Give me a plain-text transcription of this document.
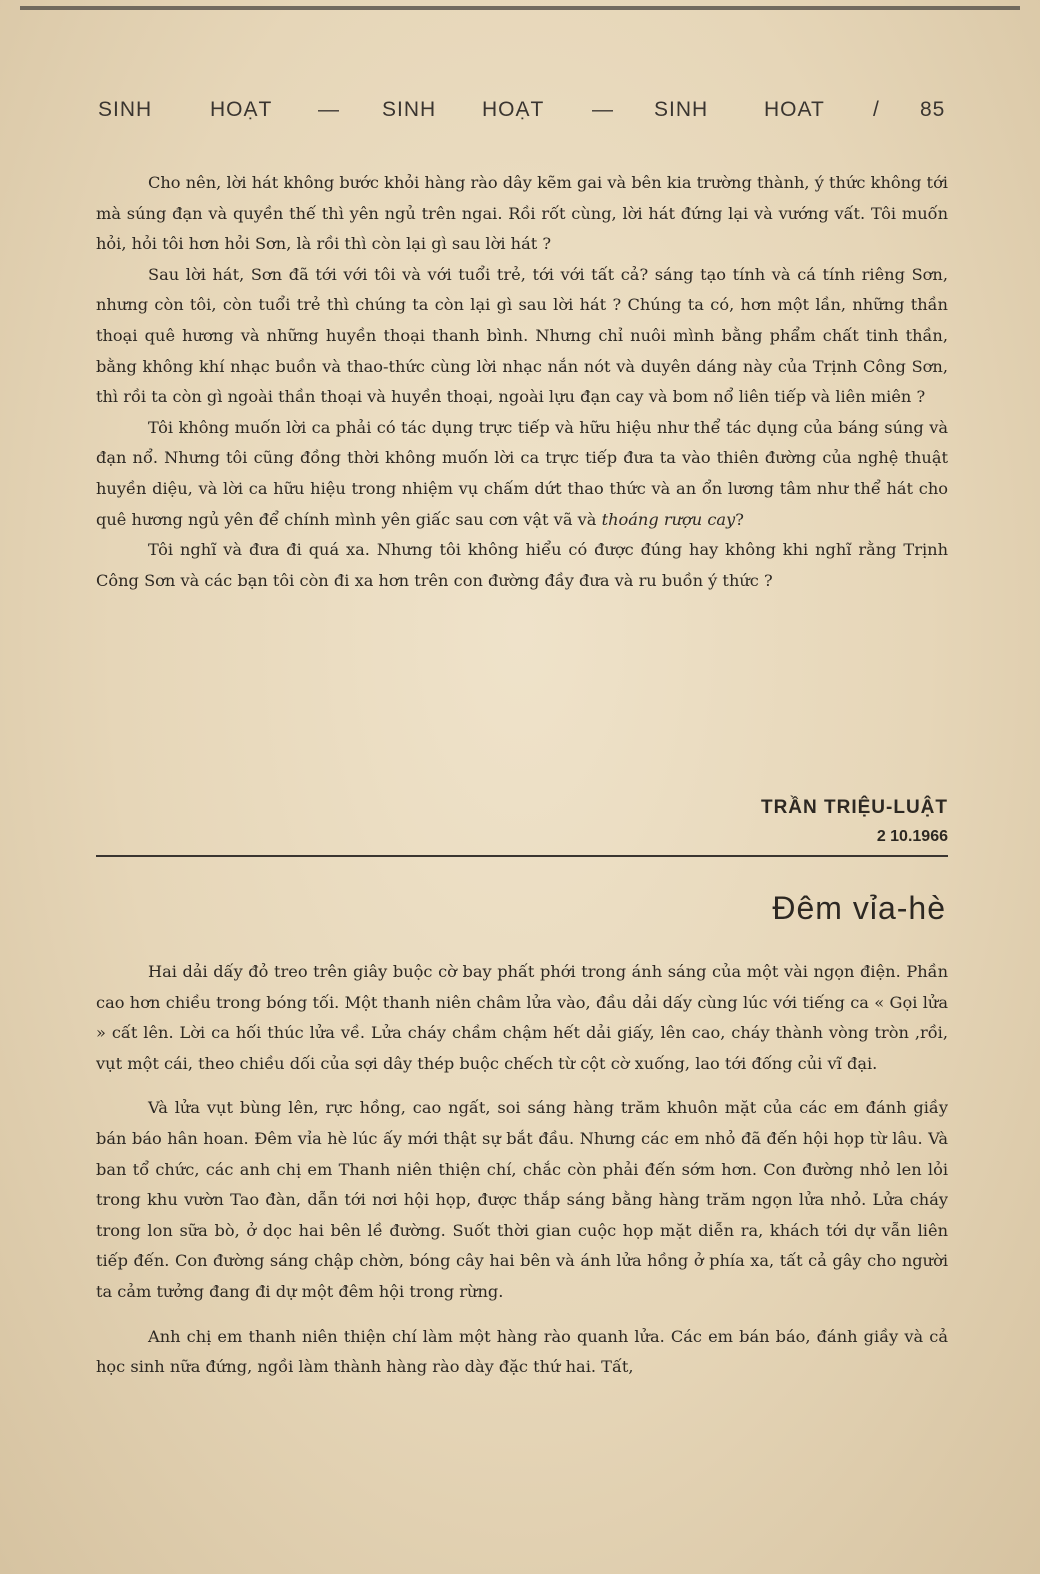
SINH	HOẠT — SINH HOẠT — SINH	HOAT / 85

Cho nên, lời hát không bước khỏi hàng rào dây kẽm gai và bên kia trường thành, ý thức không tới mà súng đạn và quyền thế thì yên ngủ trên ngai. Rồi rốt cùng, lời hát đứng lại và vướng vất. Tôi muốn hỏi, hỏi tôi hơn hỏi Sơn, là rồi thì còn lại gì sau lời hát ?

Sau lời hát, Sơn đã tới với tôi và với tuổi trẻ, tới với tất cả? sáng tạo tính và cá tính riêng Sơn, nhưng còn tôi, còn tuổi trẻ thì chúng ta còn lại gì sau lời hát ? Chúng ta có, hơn một lần, những thần thoại quê hương và những huyền thoại thanh bình. Nhưng chỉ nuôi mình bằng phẩm chất tinh thần, bằng không khí nhạc buồn và thao-thức cùng lời nhạc nắn nót và duyên dáng này của Trịnh Công Sơn, thì rồi ta còn gì ngoài thần thoại và huyền thoại, ngoài lựu đạn cay và bom nổ liên tiếp và liên miên ?

Tôi không muốn lời ca phải có tác dụng trực tiếp và hữu hiệu như thể tác dụng của báng súng và đạn nổ. Nhưng tôi cũng đồng thời không muốn lời ca trực tiếp đưa ta vào thiên đường của nghệ thuật huyền diệu, và lời ca hữu hiệu trong nhiệm vụ chấm dứt thao thức và an ổn lương tâm như thể hát cho quê hương ngủ yên để chính mình yên giấc sau cơn vật vã và thoáng rượu cay?

Tôi nghĩ và đưa đi quá xa. Nhưng tôi không hiểu có được đúng hay không khi nghĩ rằng Trịnh Công Sơn và các bạn tôi còn đi xa hơn trên con đường đầy đưa và ru buồn ý thức ?

TRẦN TRIỆU-LUẬT
2 10.1966
Đêm vỉa-hè

Hai dải dấy đỏ treo trên giây buộc cờ bay phất phới trong ánh sáng của một vài ngọn điện. Phần cao hơn chiều trong bóng tối. Một thanh niên châm lửa vào, đầu dải dấy cùng lúc với tiếng ca « Gọi lửa » cất lên. Lời ca hối thúc lửa về. Lửa cháy chầm chậm hết dải giấy, lên cao, cháy thành vòng tròn ,rồi, vụt một cái, theo chiều dối của sợi dây thép buộc chếch từ cột cờ xuống, lao tới đống củi vĩ đại.

Và lửa vụt bùng lên, rực hồng, cao ngất, soi sáng hàng trăm khuôn mặt của các em đánh giầy bán báo hân hoan. Đêm vỉa hè lúc ấy mới thật sự bắt đầu. Nhưng các em nhỏ đã đến hội họp từ lâu. Và ban tổ chức, các anh chị em Thanh niên thiện chí, chắc còn phải đến sớm hơn. Con đường nhỏ len lỏi trong khu vườn Tao đàn, dẫn tới nơi hội họp, được thắp sáng bằng hàng trăm ngọn lửa nhỏ. Lửa cháy trong lon sữa bò, ở dọc hai bên lề đường. Suốt thời gian cuộc họp mặt diễn ra, khách tới dự vẫn liên tiếp đến. Con đường sáng chập chờn, bóng cây hai bên và ánh lửa hồng ở phía xa, tất cả gây cho người ta cảm tưởng đang đi dự một đêm hội trong rừng.

Anh chị em thanh niên thiện chí làm một hàng rào quanh lửa. Các em bán báo, đánh giầy và cả học sinh nữa đứng, ngồi làm thành hàng rào dày đặc thứ hai. Tất,
